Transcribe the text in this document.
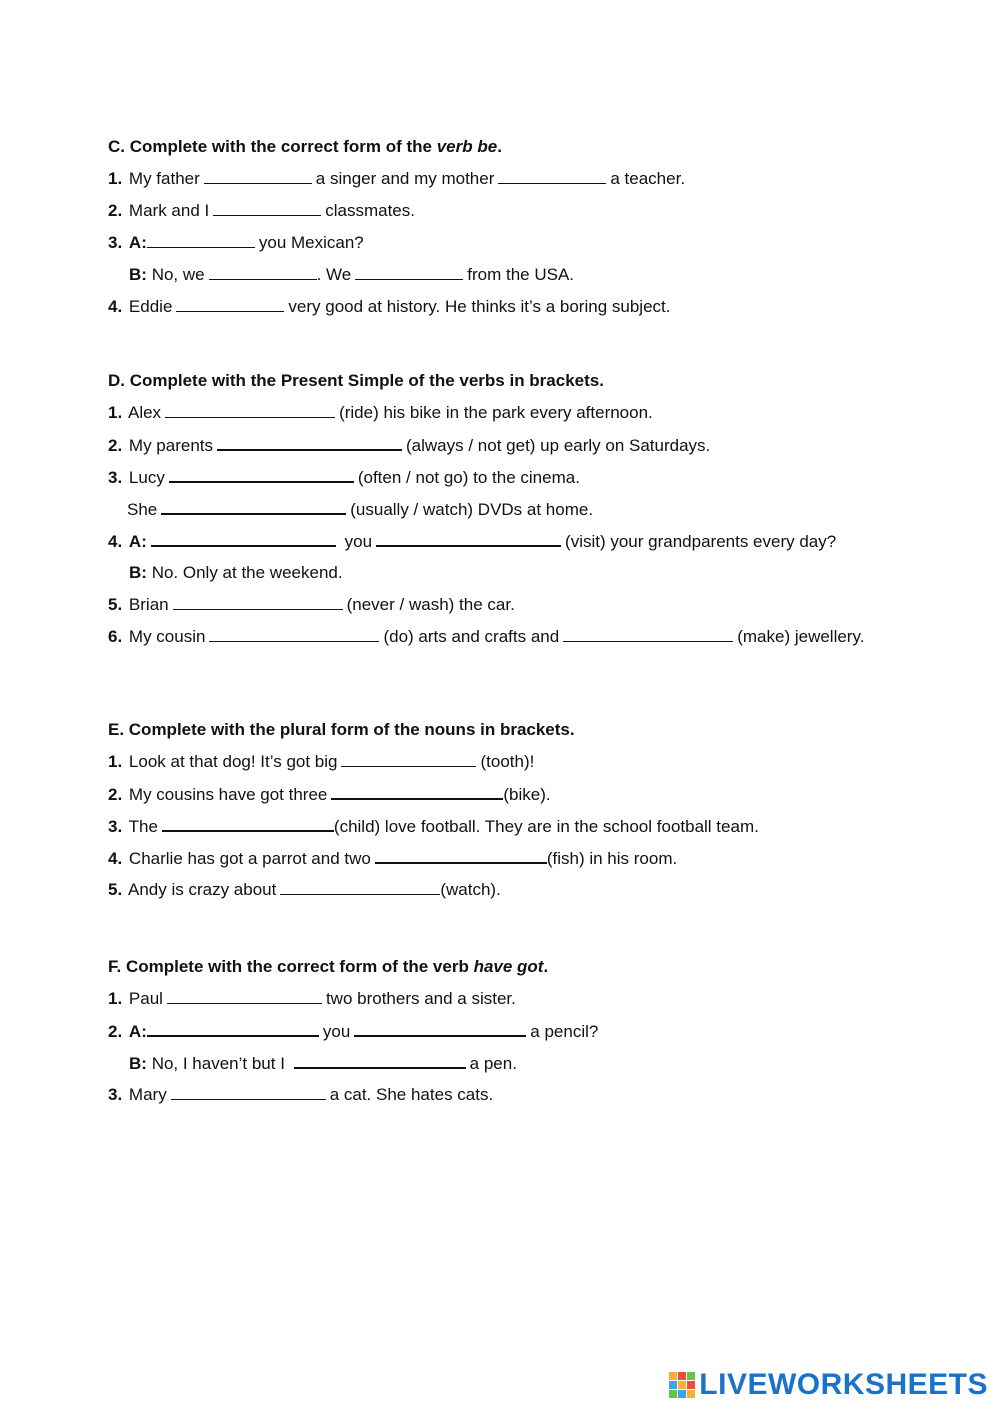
C. Complete with the correct form of the verb be.
1. My father	a singer and my mother	a teacher.
2. Mark and I	classmates.
3. A:	you Mexican?
B: No, we	. We	from the USA.
4. Eddie	very good at history. He thinks it’s a boring subject.
D. Complete with the Present Simple of the verbs in brackets.
1. Alex	(ride) his bike in the park every afternoon.
2. My parents	(always / not get) up early on Saturdays.
3. Lucy	(often / not go) to the cinema.
She	(usually / watch) DVDs at home.
4. A:	you	(visit) your grandparents every day?
B: No. Only at the weekend.
5. Brian	(never / wash) the car.
6. My cousin	(do) arts and crafts and	(make) jewellery.
E. Complete with the plural form of the nouns in brackets.
1. Look at that dog! It’s got big	(tooth)!
2. My cousins have got three	(bike).
3. The	(child) love football. They are in the school football team.
4. Charlie has got a parrot and two	(fish) in his room.
5. Andy is crazy about	(watch).
F. Complete with the correct form of the verb have got.
1. Paul	two brothers and a sister.
2. A:	you	a pencil?
B: No, I haven’t but I	a pen.
3. Mary	a cat. She hates cats.
LIVEWORKSHEETS
